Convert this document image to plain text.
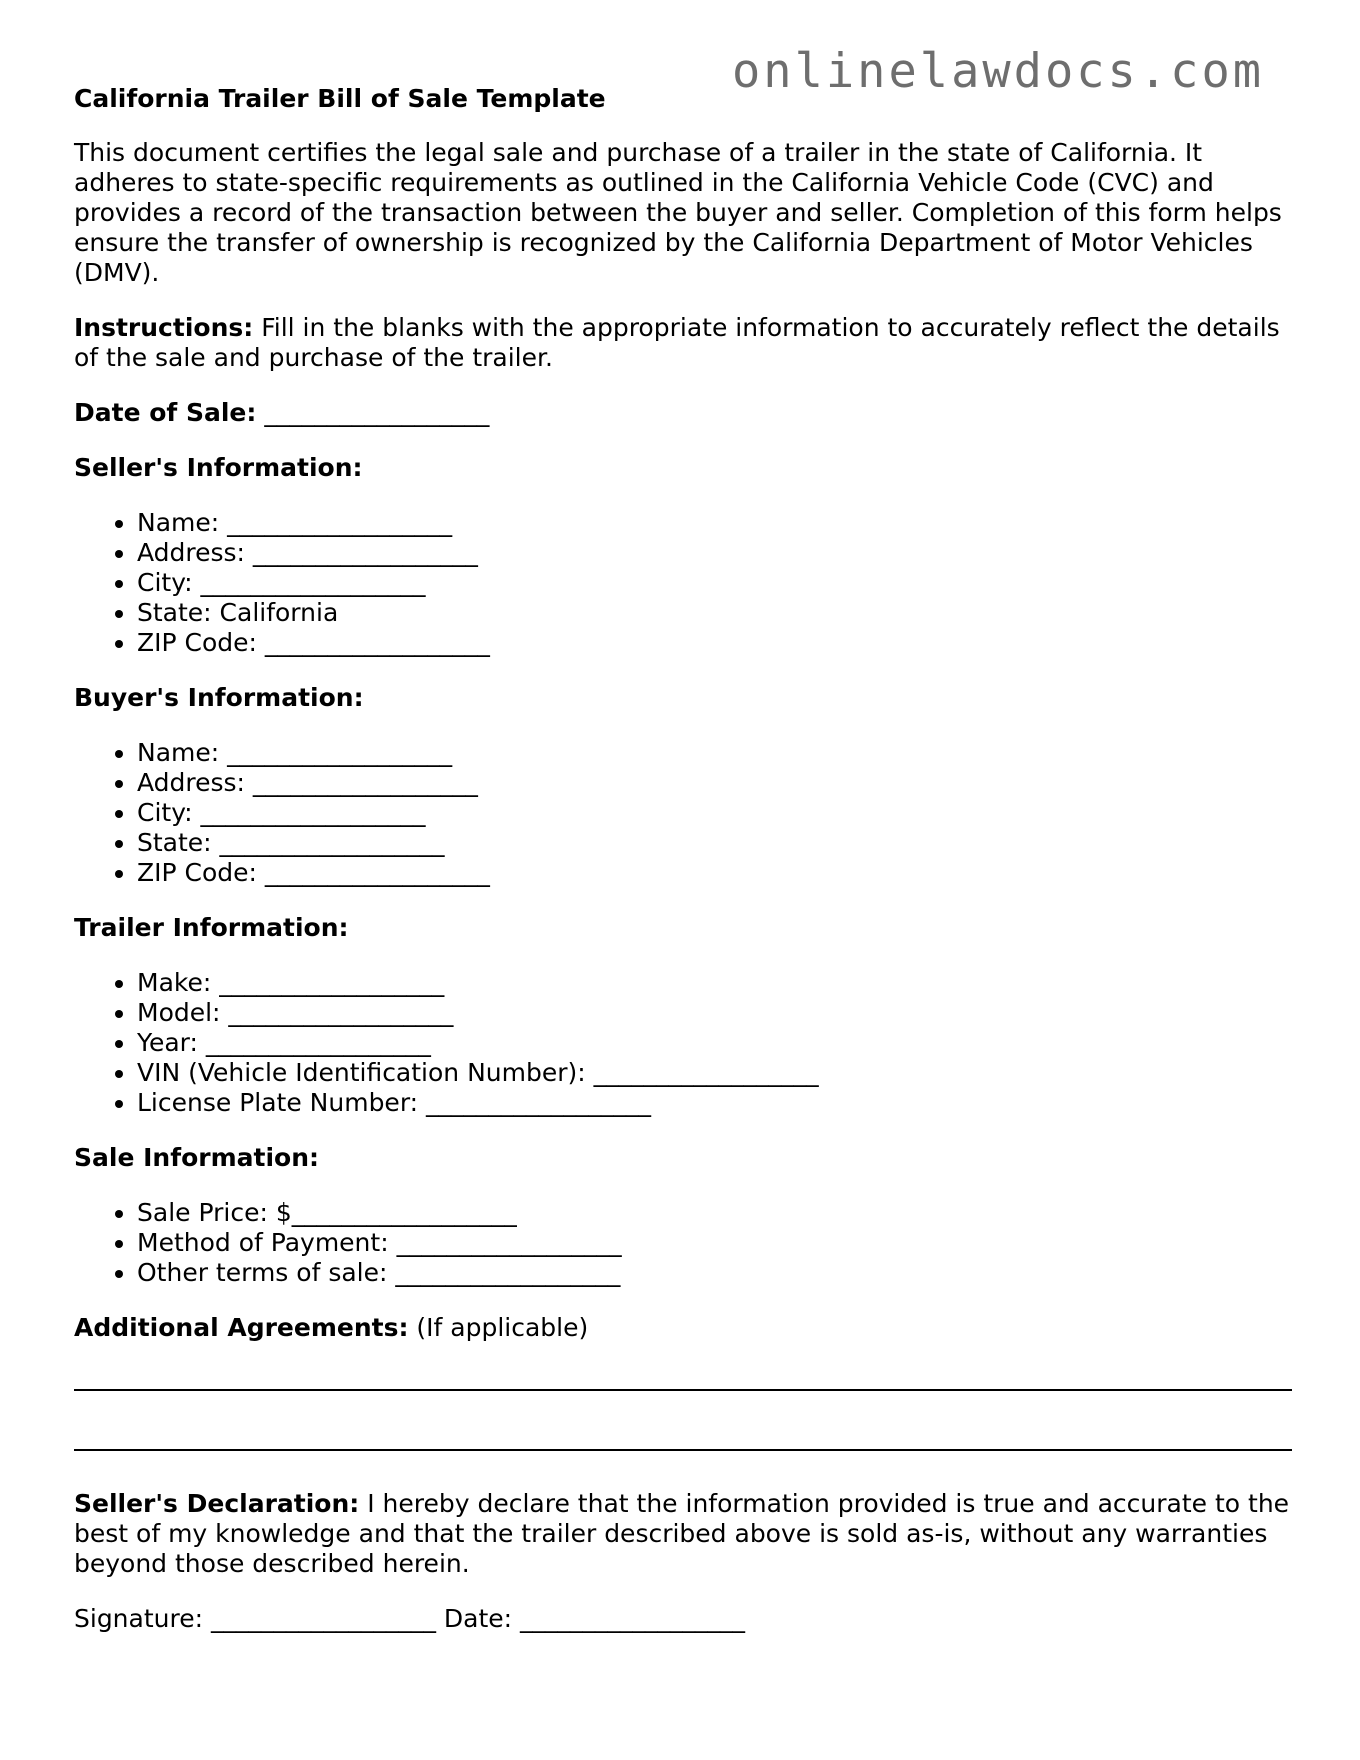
onlinelawdocs.com
California Trailer Bill of Sale Template

This document certifies the legal sale and purchase of a trailer in the state of California. It adheres to state-specific requirements as outlined in the California Vehicle Code (CVC) and provides a record of the transaction between the buyer and seller. Completion of this form helps ensure the transfer of ownership is recognized by the California Department of Motor Vehicles (DMV).

Instructions: Fill in the blanks with the appropriate information to accurately reflect the details of the sale and purchase of the trailer.

Date of Sale: __________________

Seller's Information:
• Name: __________________
• Address: __________________
• City: __________________
• State: California
• ZIP Code: __________________
Buyer's Information:
• Name: __________________
• Address: __________________
• City: __________________
• State: __________________
• ZIP Code: __________________
Trailer Information:
• Make: __________________
• Model: __________________
• Year: __________________
• VIN (Vehicle Identification Number): __________________
• License Plate Number: __________________
Sale Information:
• Sale Price: $__________________
• Method of Payment: __________________
• Other terms of sale: __________________
Additional Agreements: (If applicable)

Seller's Declaration: I hereby declare that the information provided is true and accurate to the best of my knowledge and that the trailer described above is sold as-is, without any warranties beyond those described herein.

Signature: __________________ Date: __________________
